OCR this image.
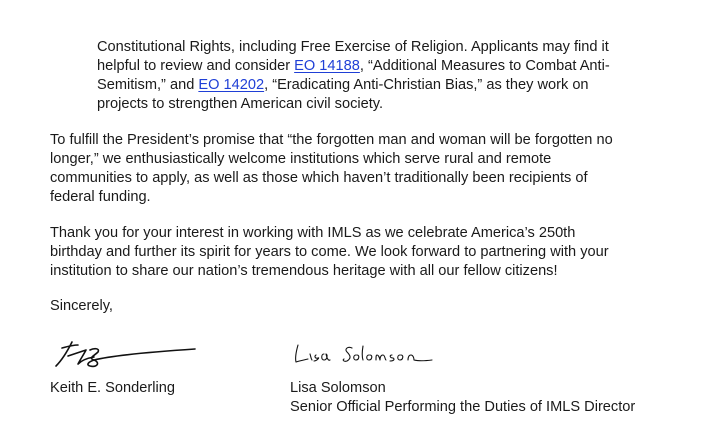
Constitutional Rights, including Free Exercise of Religion. Applicants may find it
helpful to review and consider EO 14188, “Additional Measures to Combat Anti-
Semitism,” and EO 14202, “Eradicating Anti-Christian Bias,” as they work on
projects to strengthen American civil society.

To fulfill the President’s promise that “the forgotten man and woman will be forgotten no
longer,” we enthusiastically welcome institutions which serve rural and remote
communities to apply, as well as those which haven’t traditionally been recipients of
federal funding.

Thank you for your interest in working with IMLS as we celebrate America’s 250th
birthday and further its spirit for years to come. We look forward to partnering with your
institution to share our nation’s tremendous heritage with all our fellow citizens!

Sincerely,

Keith E. Sonderling	Lisa Solomson
Senior Official Performing the Duties of IMLS Director
